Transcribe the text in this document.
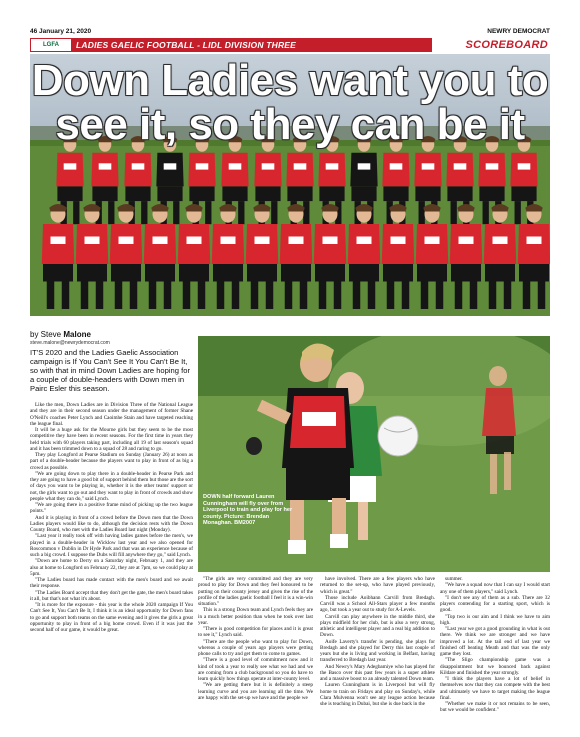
46 January 21, 2020	NEWRY DEMOCRAT
LGFA	LADIES GAELIC FOOTBALL - LIDL DIVISION THREE	SCOREBOARD
Down Ladies want you to
see it, so they can be it
by Steve Malone
steve.malone@newrydemocrat.com
IT'S 2020 and the Ladies Gaelic Association campaign is If You Can't See It You Can't Be It, so with that in mind Down Ladies are hoping for a couple of double-headers with Down men in Pairc Esler this season.

Like the men, Down Ladies are in Division Three of the National League and they are in their second season under the management of former Shane O'Neill's coaches Peter Lynch and Caoimhe Stain and have targeted reaching the league final.

It will be a huge ask for the Mourne girls but they seem to be the most competitive they have been in recent seasons. For the first time in years they held trials with 60 players taking part, including all 19 of last season's squad and it has been trimmed down to a squad of 28 and raring to go.

They play Longford at Pearse Stadium on Sunday (January 26) at noon as part of a double-header because the players want to play in front of as big a crowd as possible.

"We are going down to play there in a double-header in Pearse Park and they are going to have a good bit of support behind them but those are the sort of days you want to be playing in, whether it is the other teams' support or not, the girls want to go out and they want to play in front of crowds and show people what they can do," said Lynch.

"We are going there in a positive frame mind of picking up the two league points."

And it is playing in front of a crowd before the Down men that the Down Ladies players would like to do, although the decision rests with the Down County Board, who met with the Ladies Board last night (Monday).

"Last year it really took off with having ladies games before the men's, we played in a double-header in Wicklow last year and we also opened for Roscommon v Dublin in Dr Hyde Park and that was an experience because of such a big crowd. I suppose the Dubs will fill anywhere they go," said Lynch.

"Down are home to Derry on a Saturday night, February 1, and they are also at home to Longford on February 22, they are at 7pm, so we could play at 5pm.

"The Ladies board has made contact with the men's board and we await their response.

"The Ladies Board accept that they don't get the gate, the men's board takes it all, but that's not what it's about.

"It is more for the exposure - this year is the whole 2020 campaign If You Can't See It, You Can't Be It, I think it is an ideal opportunity for Down fans to go and support both teams on the same evening and it gives the girls a great opportunity to play in front of a big home crowd. Even if it was just the second half of our game, it would be great.

DOWN half forward Lauren Cunningham will fly over from Liverpool to train and play for her county. Picture: Brendan Monaghan. BM2007

"The girls are very committed and they are very proud to play for Down and they feel honoured to be putting on their county jersey and given the rise of the profile of the ladies gaelic football I feel it is a win-win situation."

This is a strong Down team and Lynch feels they are in a much better position than when he took over last year.

"There is good competition for places and it is great to see it," Lynch said.

"There are the people who want to play for Down, whereas a couple of years ago players were getting phone calls to try and get them to come to games.

"There is a good level of commitment now and it kind of took a year to really see what we had and we are coming from a club background so you do have to learn quickly how things operate at inter-county level.

"We are getting there but it is definitely a steep learning curve and you are learning all the time. We are happy with the set-up we have and the people we

have involved. There are a few players who have returned to the set-up, who have played previously, which is great."

Those include Aoibhann Carvill from Bredagh. Carvill was a School All-Stars player a few months ago, but took a year out to study for A-Levels.

Carvill can play anywhere in the middle third, she plays midfield for her club, but is also a very strong, athletic and intelligent player and a real big addition to Down.

Aoife Laverty's transfer is pending, she plays for Bredagh and she played for Derry this last couple of years but she is living and working in Belfast, having transferred to Bredagh last year.

And Newry's Mary Adegbamiye who has played for the Basco over this past few years is a super athlete and a massive boost to an already talented Down team.

Lauren Cunningham is in Liverpool but will fly home to train on Fridays and play on Sunday's, while Clara Mulvenna won't see any league action because she is teaching in Dubai, but she is due back in the

summer.

"We have a squad now that I can say I would start any one of them players," said Lynch.

"I don't see any of them as a sub. There are 32 players contending for a starting sport, which is good.

"Top two is our aim and I think we have to aim high.

"Last year we got a good grounding in what is out there. We think we are stronger and we have improved a lot. At the tail end of last year we finished off beating Meath and that was the only game they lost.

"The Sligo championship game was a disappointment but we bounced back against Kildare and finished the year strongly.

"I think the players have a lot of belief in themselves now that they can compete with the best and ultimately we have to target making the league final.

"Whether we make it or not remains to be seen, but we would be confident."
